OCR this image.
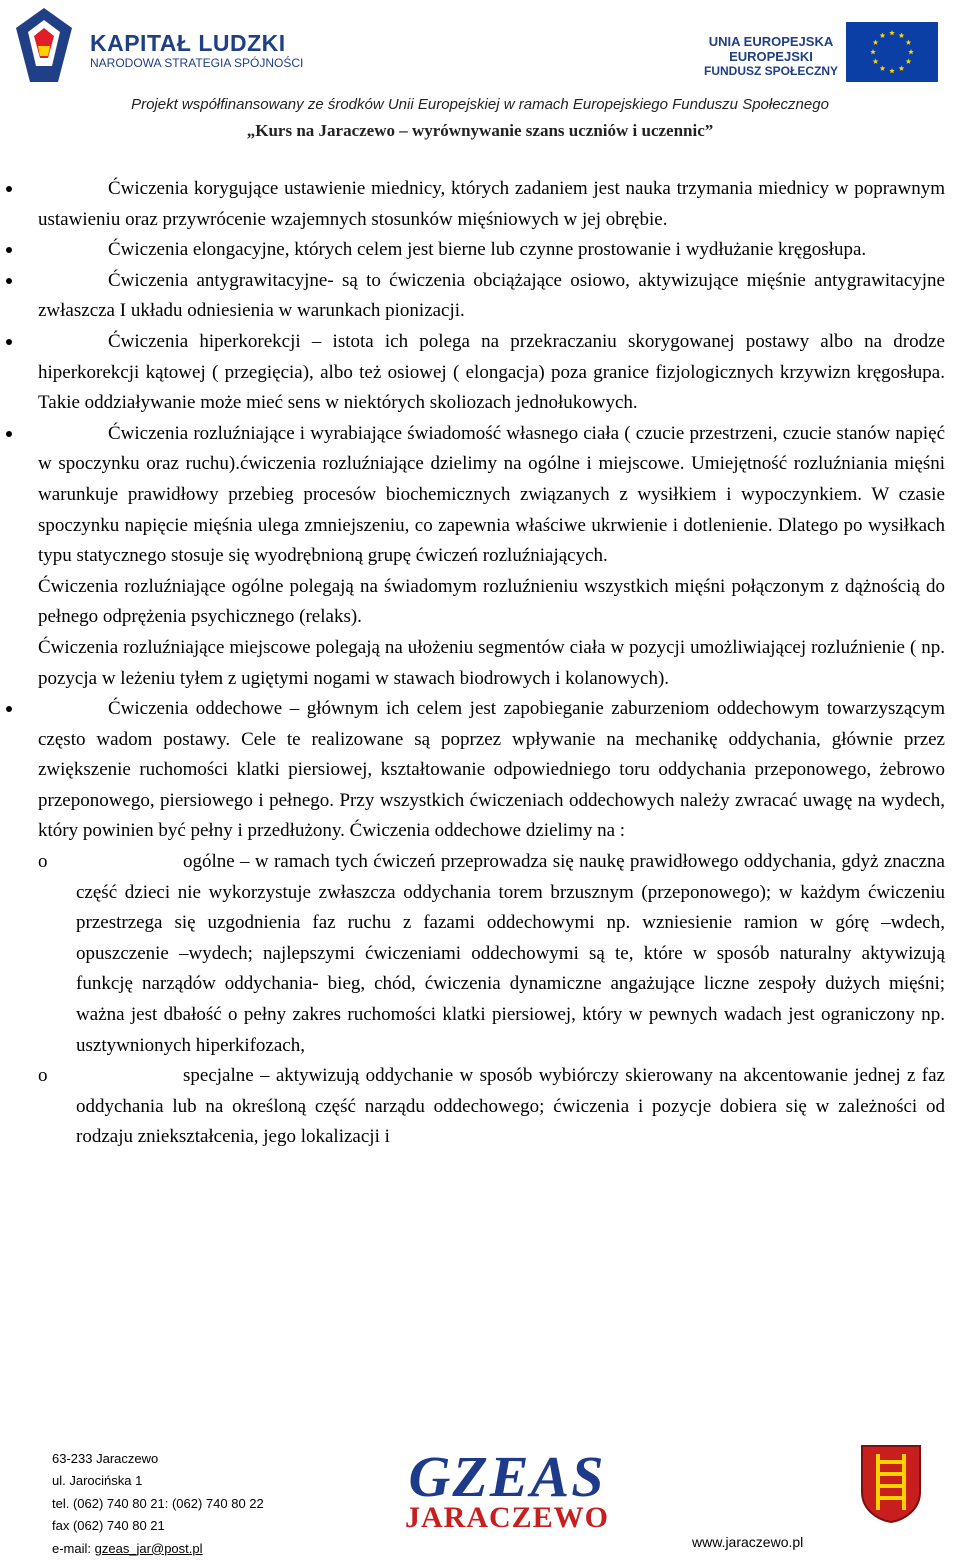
KAPITAŁ LUDZKI
NARODOWA STRATEGIA SPÓJNOŚCI
UNIA EUROPEJSKA
EUROPEJSKI
FUNDUSZ SPOŁECZNY
Projekt współfinansowany ze środków Unii Europejskiej w ramach Europejskiego Funduszu Społecznego
„Kurs na Jaraczewo – wyrównywanie szans uczniów i uczennic”

Ćwiczenia korygujące ustawienie miednicy, których zadaniem jest nauka trzymania miednicy w poprawnym ustawieniu oraz przywrócenie wzajemnych stosunków mięśniowych w jej obrębie.

Ćwiczenia elongacyjne, których celem jest bierne lub czynne prostowanie i wydłużanie kręgosłupa.

Ćwiczenia antygrawitacyjne- są to ćwiczenia obciążające osiowo, aktywizujące mięśnie antygrawitacyjne zwłaszcza I układu odniesienia w warunkach pionizacji.

Ćwiczenia hiperkorekcji – istota ich polega na przekraczaniu skorygowanej postawy albo na drodze hiperkorekcji kątowej ( przegięcia), albo też osiowej ( elongacja) poza granice fizjologicznych krzywizn kręgosłupa. Takie oddziaływanie może mieć sens w niektórych skoliozach jednołukowych.

Ćwiczenia rozluźniające i wyrabiające świadomość własnego ciała ( czucie przestrzeni, czucie stanów napięć w spoczynku oraz ruchu).ćwiczenia rozluźniające dzielimy na ogólne i miejscowe. Umiejętność rozluźniania mięśni warunkuje prawidłowy przebieg procesów biochemicznych związanych z wysiłkiem i wypoczynkiem. W czasie spoczynku napięcie mięśnia ulega zmniejszeniu, co zapewnia właściwe ukrwienie i dotlenienie. Dlatego po wysiłkach typu statycznego stosuje się wyodrębnioną grupę ćwiczeń rozluźniających.

Ćwiczenia rozluźniające ogólne polegają na świadomym rozluźnieniu wszystkich mięśni połączonym z dążnością do pełnego odprężenia psychicznego (relaks).

Ćwiczenia rozluźniające miejscowe polegają na ułożeniu segmentów ciała w pozycji umożliwiającej rozluźnienie ( np. pozycja w leżeniu tyłem z ugiętymi nogami w stawach biodrowych i kolanowych).

Ćwiczenia oddechowe – głównym ich celem jest zapobieganie zaburzeniom oddechowym towarzyszącym często wadom postawy. Cele te realizowane są poprzez wpływanie na mechanikę oddychania, głównie przez zwiększenie ruchomości klatki piersiowej, kształtowanie odpowiedniego toru oddychania przeponowego, żebrowo przeponowego, piersiowego i pełnego. Przy wszystkich ćwiczeniach oddechowych należy zwracać uwagę na wydech, który powinien być pełny i przedłużony. Ćwiczenia oddechowe dzielimy na :

o	ogólne – w ramach tych ćwiczeń przeprowadza się naukę prawidłowego oddychania, gdyż znaczna część dzieci nie wykorzystuje zwłaszcza oddychania torem brzusznym (przeponowego); w każdym ćwiczeniu przestrzega się uzgodnienia faz ruchu z fazami oddechowymi np. wzniesienie ramion w górę –wdech, opuszczenie –wydech; najlepszymi ćwiczeniami oddechowymi są te, które w sposób naturalny aktywizują funkcję narządów oddychania- bieg, chód, ćwiczenia dynamiczne angażujące liczne zespoły dużych mięśni; ważna jest dbałość o pełny zakres ruchomości klatki piersiowej, który w pewnych wadach jest ograniczony np. usztywnionych hiperkifozach,

o	specjalne – aktywizują oddychanie w sposób wybiórczy skierowany na akcentowanie jednej z faz oddychania lub na określoną część narządu oddechowego; ćwiczenia i pozycje dobiera się w zależności od rodzaju zniekształcenia, jego lokalizacji i

63-233 Jaraczewo
ul. Jarocińska 1
tel. (062) 740 80 21: (062) 740 80 22
fax (062) 740 80 21
e-mail: gzeas_jar@post.pl
GZEAS
JARACZEWO
www.jaraczewo.pl
